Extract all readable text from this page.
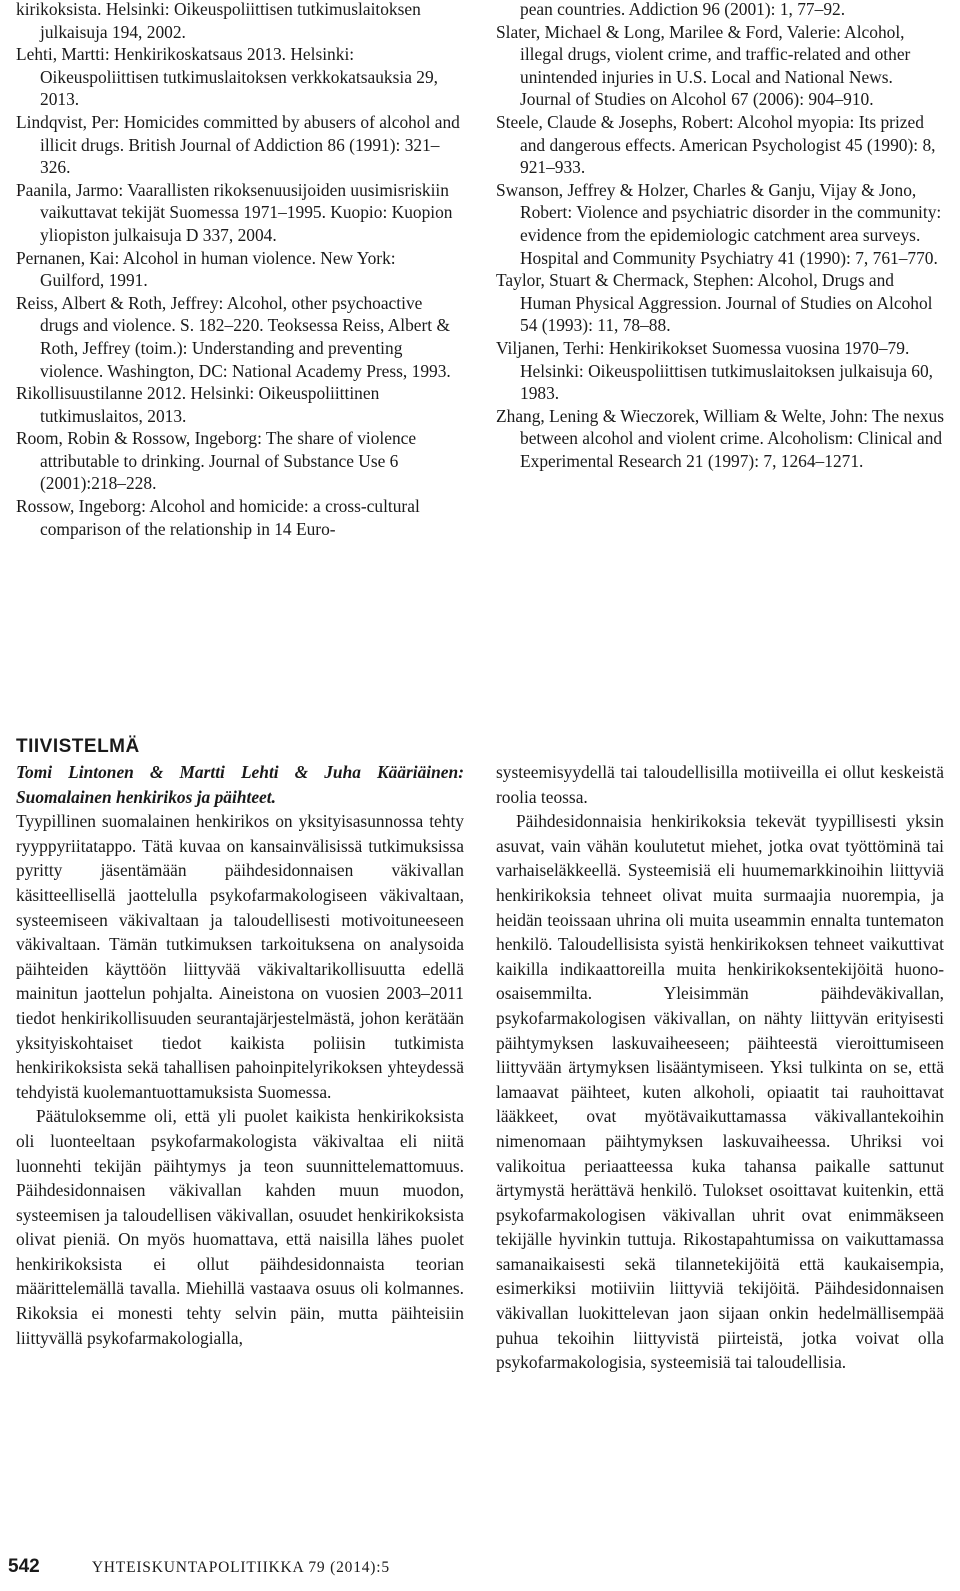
kirikoksista. Helsinki: Oikeuspoliittisen tutkimuslaitoksen julkaisuja 194, 2002.

Lehti, Martti: Henkirikoskatsaus 2013. Helsinki: Oikeuspoliittisen tutkimuslaitoksen verkkokatsauksia 29, 2013.

Lindqvist, Per: Homicides committed by abusers of alcohol and illicit drugs. British Journal of Addiction 86 (1991): 321–326.

Paanila, Jarmo: Vaarallisten rikoksenuusijoiden uusimisriskiin vaikuttavat tekijät Suomessa 1971–1995. Kuopio: Kuopion yliopiston julkaisuja D 337, 2004.

Pernanen, Kai: Alcohol in human violence. New York: Guilford, 1991.

Reiss, Albert & Roth, Jeffrey: Alcohol, other psychoactive drugs and violence. S. 182–220. Teoksessa Reiss, Albert & Roth, Jeffrey (toim.): Understanding and preventing violence. Washington, DC: National Academy Press, 1993.

Rikollisuustilanne 2012. Helsinki: Oikeuspoliittinen tutkimuslaitos, 2013.

Room, Robin & Rossow, Ingeborg: The share of violence attributable to drinking. Journal of Substance Use 6 (2001):218–228.

Rossow, Ingeborg: Alcohol and homicide: a cross-cultural comparison of the relationship in 14 Euro-

pean countries. Addiction 96 (2001): 1, 77–92.

Slater, Michael & Long, Marilee & Ford, Valerie: Alcohol, illegal drugs, violent crime, and traffic-related and other unintended injuries in U.S. Local and National News. Journal of Studies on Alcohol 67 (2006): 904–910.

Steele, Claude & Josephs, Robert: Alcohol myopia: Its prized and dangerous effects. American Psychologist 45 (1990): 8, 921–933.

Swanson, Jeffrey & Holzer, Charles & Ganju, Vijay & Jono, Robert: Violence and psychiatric disorder in the community: evidence from the epidemiologic catchment area surveys. Hospital and Community Psychiatry 41 (1990): 7, 761–770.

Taylor, Stuart & Chermack, Stephen: Alcohol, Drugs and Human Physical Aggression. Journal of Studies on Alcohol 54 (1993): 11, 78–88.

Viljanen, Terhi: Henkirikokset Suomessa vuosina 1970–79. Helsinki: Oikeuspoliittisen tutkimuslaitoksen julkaisuja 60, 1983.

Zhang, Lening & Wieczorek, William & Welte, John: The nexus between alcohol and violent crime. Alcoholism: Clinical and Experimental Research 21 (1997): 7, 1264–1271.

TIIVISTELMÄ

Tomi Lintonen & Martti Lehti & Juha Kääriäinen: Suomalainen henkirikos ja päihteet.
Tyypillinen suomalainen henkirikos on yksityisasunnossa tehty ryyppyriitatappo. Tätä kuvaa on kansainvälisissä tutkimuksissa pyritty jäsentämään päihdesidonnaisen väkivallan käsitteellisellä jaottelulla psykofarmakologiseen väkivaltaan, systeemiseen väkivaltaan ja taloudellisesti motivoituneeseen väkivaltaan. Tämän tutkimuksen tarkoituksena on analysoida päihteiden käyttöön liittyvää väkivaltarikollisuutta edellä mainitun jaottelun pohjalta. Aineistona on vuosien 2003–2011 tiedot henkirikollisuuden seurantajärjestelmästä, johon kerätään yksityiskohtaiset tiedot kaikista poliisin tutkimista henkirikoksista sekä tahallisen pahoinpitelyrikoksen yhteydessä tehdyistä kuolemantuottamuksista Suomessa.

Päätuloksemme oli, että yli puolet kaikista henkirikoksista oli luonteeltaan psykofarmakologista väkivaltaa eli niitä luonnehti tekijän päihtymys ja teon suunnittelemattomuus. Päihdesidonnaisen väkivallan kahden muun muodon, systeemisen ja taloudellisen väkivallan, osuudet henkirikoksista olivat pieniä. On myös huomattava, että naisilla lähes puolet henkirikoksista ei ollut päihdesidonnaista teorian määrittelemällä tavalla. Miehillä vastaava osuus oli kolmannes. Rikoksia ei monesti tehty selvin päin, mutta päihteisiin liittyvällä psykofarmakologialla,

systeemisyydellä tai taloudellisilla motiiveilla ei ollut keskeistä roolia teossa.

Päihdesidonnaisia henkirikoksia tekevät tyypillisesti yksin asuvat, vain vähän koulutetut miehet, jotka ovat työttöminä tai varhaiseläkkeellä. Systeemisiä eli huumemarkkinoihin liittyviä henkirikoksia tehneet olivat muita surmaajia nuorempia, ja heidän teoissaan uhrina oli muita useammin ennalta tuntematon henkilö. Taloudellisista syistä henkirikoksen tehneet vaikuttivat kaikilla indikaattoreilla muita henkirikoksentekijöitä huono-osaisemmilta. Yleisimmän päihdeväkivallan, psykofarmakologisen väkivallan, on nähty liittyvän erityisesti päihtymyksen laskuvaiheeseen; päihteestä vieroittumiseen liittyvään ärtymyksen lisääntymiseen. Yksi tulkinta on se, että lamaavat päihteet, kuten alkoholi, opiaatit tai rauhoittavat lääkkeet, ovat myötävaikuttamassa väkivallantekoihin nimenomaan päihtymyksen laskuvaiheessa. Uhriksi voi valikoitua periaatteessa kuka tahansa paikalle sattunut ärtymystä herättävä henkilö. Tulokset osoittavat kuitenkin, että psykofarmakologisen väkivallan uhrit ovat enimmäkseen tekijälle hyvinkin tuttuja. Rikostapahtumissa on vaikuttamassa samanaikaisesti sekä tilannetekijöitä että kaukaisempia, esimerkiksi motiiviin liittyviä tekijöitä. Päihdesidonnaisen väkivallan luokittelevan jaon sijaan onkin hedelmällisempää puhua tekoihin liittyvistä piirteistä, jotka voivat olla psykofarmakologisia, systeemisiä tai taloudellisia.

542	YHTEISKUNTAPOLITIIKKA 79 (2014):5
